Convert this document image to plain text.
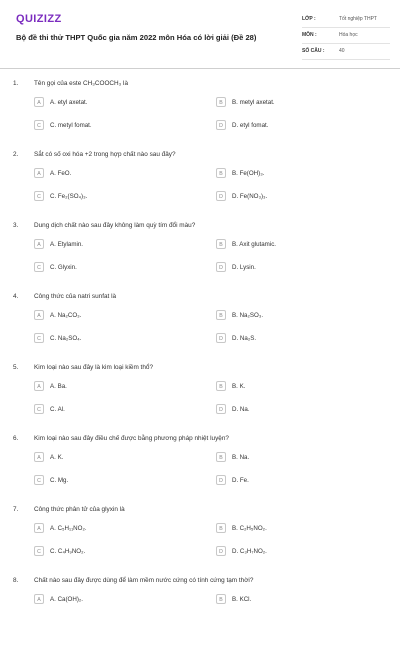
QUIZIZZ
Bộ đề thi thử THPT Quốc gia năm 2022 môn Hóa có lời giải (Đề 28)
LỚP :	Tốt nghiệp THPT
MÔN :	Hóa học
SỐ CÂU :	40
1. Tên gọi của este CH₃COOCH₃ là
A	A. etyl axetat.	B	B. metyl axetat.
C	C. metyl fomat.	D	D. etyl fomat.
2. Sắt có số oxi hóa +2 trong hợp chất nào sau đây?
A	A. FeO.	B	B. Fe(OH)₃.
C	C. Fe₂(SO₄)₃.	D	D. Fe(NO₃)₃.
3. Dung dịch chất nào sau đây không làm quỳ tím đổi màu?
A	A. Etylamin.	B	B. Axit glutamic.
C	C. Glyxin.	D	D. Lysin.
4. Công thức của natri sunfat là
A	A. Na₂CO₃.	B	B. Na₂SO₃.
C	C. Na₂SO₄.	D	D. Na₂S.
5. Kim loại nào sau đây là kim loại kiềm thổ?
A	A. Ba.	B	B. K.
C	C. Al.	D	D. Na.
6. Kim loại nào sau đây điều chế được bằng phương pháp nhiệt luyện?
A	A. K.	B	B. Na.
C	C. Mg.	D	D. Fe.
7. Công thức phân tử của glyxin là
A	A. C₅H₁₁NO₂.	B	B. C₂H₅NO₂.
C	C. C₄H₉NO₂.	D	D. C₃H₇NO₂.
8. Chất nào sau đây được dùng để làm mềm nước cứng có tính cứng tạm thời?
A	A. Ca(OH)₂.	B	B. KCl.
